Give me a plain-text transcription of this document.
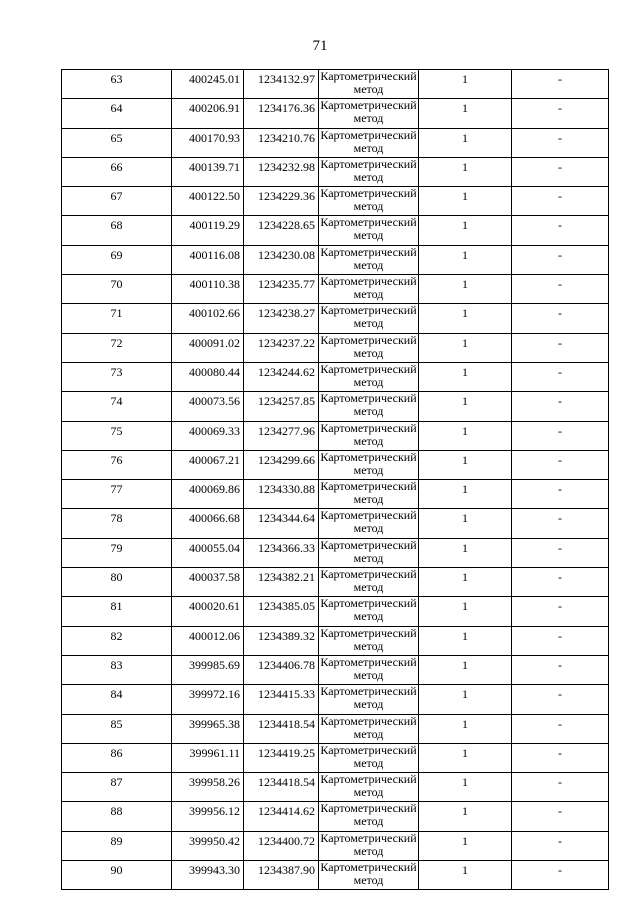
71
63	400245.01	1234132.97	Картометрический метод	1	-
64	400206.91	1234176.36	Картометрический метод	1	-
65	400170.93	1234210.76	Картометрический метод	1	-
66	400139.71	1234232.98	Картометрический метод	1	-
67	400122.50	1234229.36	Картометрический метод	1	-
68	400119.29	1234228.65	Картометрический метод	1	-
69	400116.08	1234230.08	Картометрический метод	1	-
70	400110.38	1234235.77	Картометрический метод	1	-
71	400102.66	1234238.27	Картометрический метод	1	-
72	400091.02	1234237.22	Картометрический метод	1	-
73	400080.44	1234244.62	Картометрический метод	1	-
74	400073.56	1234257.85	Картометрический метод	1	-
75	400069.33	1234277.96	Картометрический метод	1	-
76	400067.21	1234299.66	Картометрический метод	1	-
77	400069.86	1234330.88	Картометрический метод	1	-
78	400066.68	1234344.64	Картометрический метод	1	-
79	400055.04	1234366.33	Картометрический метод	1	-
80	400037.58	1234382.21	Картометрический метод	1	-
81	400020.61	1234385.05	Картометрический метод	1	-
82	400012.06	1234389.32	Картометрический метод	1	-
83	399985.69	1234406.78	Картометрический метод	1	-
84	399972.16	1234415.33	Картометрический метод	1	-
85	399965.38	1234418.54	Картометрический метод	1	-
86	399961.11	1234419.25	Картометрический метод	1	-
87	399958.26	1234418.54	Картометрический метод	1	-
88	399956.12	1234414.62	Картометрический метод	1	-
89	399950.42	1234400.72	Картометрический метод	1	-
90	399943.30	1234387.90	Картометрический метод	1	-
